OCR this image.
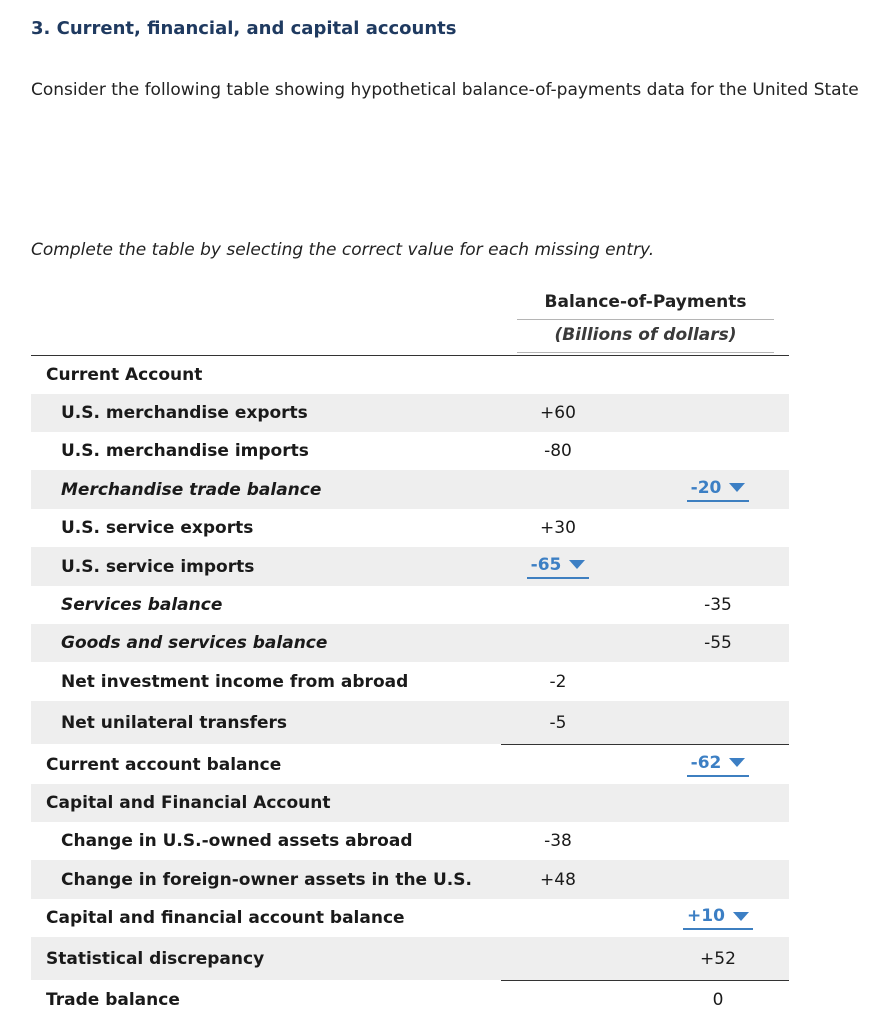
3. Current, financial, and capital accounts
Consider the following table showing hypothetical balance-of-payments data for the United State
Complete the table by selecting the correct value for each missing entry.
Balance-of-Payments
(Billions of dollars)
Current Account
U.S. merchandise exports	+60
U.S. merchandise imports	-80
Merchandise trade balance	-20
U.S. service exports	+30
U.S. service imports	-65
Services balance	-35
Goods and services balance	-55
Net investment income from abroad	-2
Net unilateral transfers	-5
Current account balance	-62
Capital and Financial Account
Change in U.S.-owned assets abroad	-38
Change in foreign-owner assets in the U.S.	+48
Capital and financial account balance	+10
Statistical discrepancy	+52
Trade balance	0
